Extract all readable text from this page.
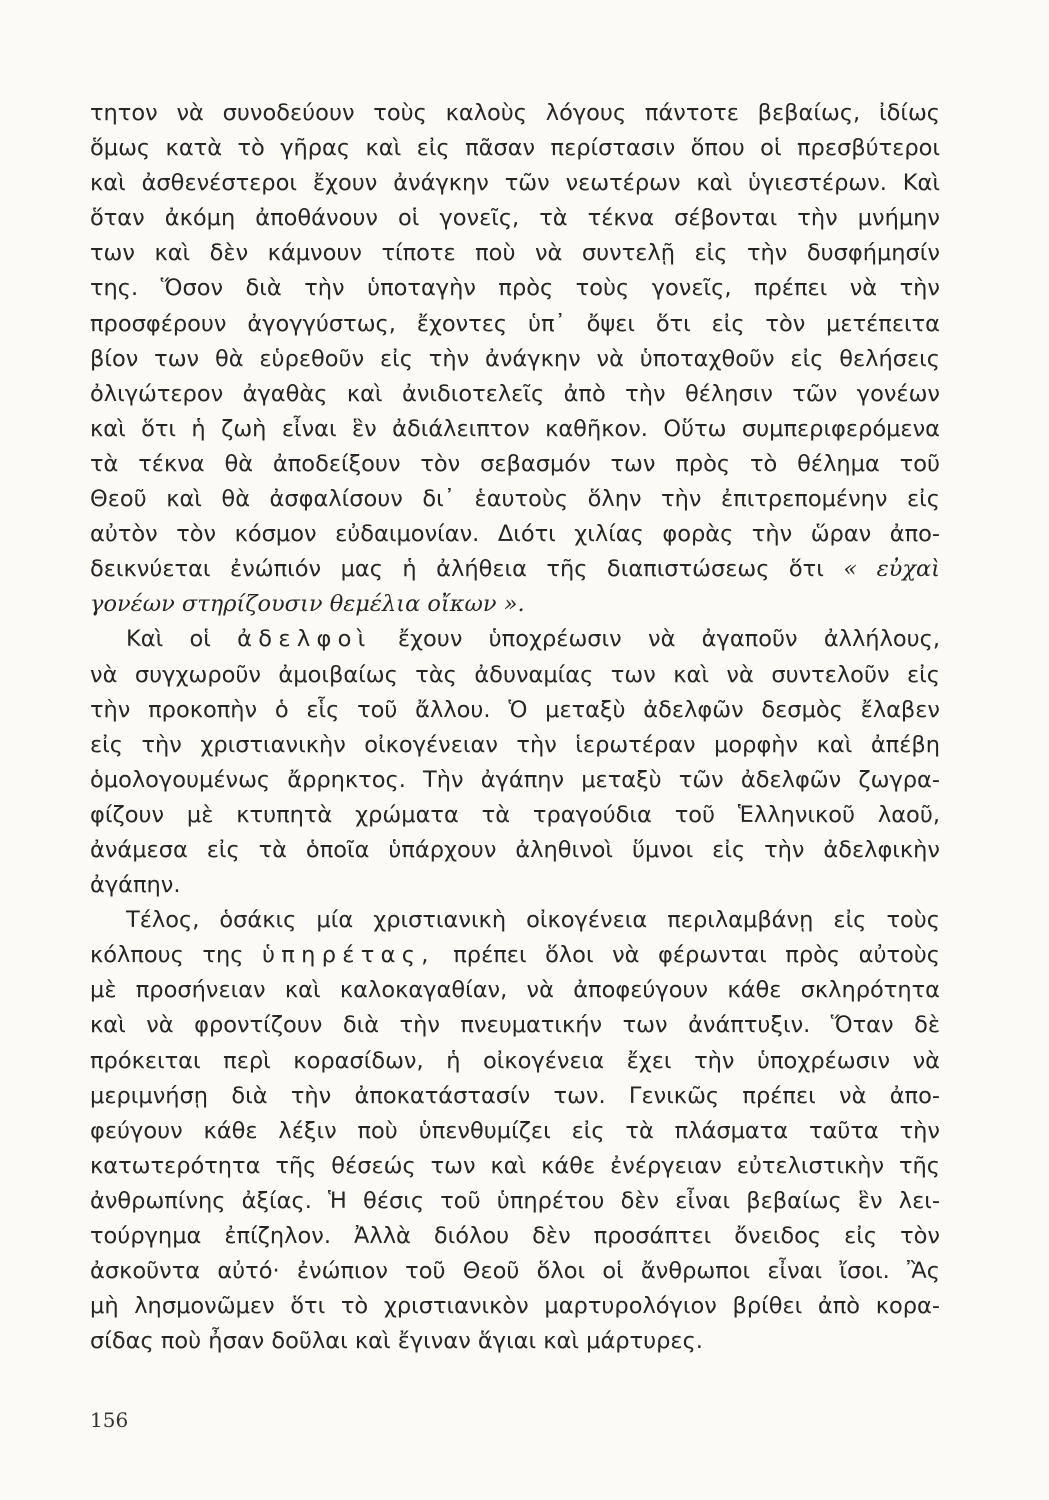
τητον νὰ συνοδεύουν τοὺς καλοὺς λόγους πάντοτε βεβαίως, ἰδίως
ὅμως κατὰ τὸ γῆρας καὶ εἰς πᾶσαν περίστασιν ὅπου οἱ πρεσβύτεροι
καὶ ἀσθενέστεροι ἔχουν ἀνάγκην τῶν νεωτέρων καὶ ὑγιεστέρων. Καὶ
ὅταν ἀκόμη ἀποθάνουν οἱ γονεῖς, τὰ τέκνα σέβονται τὴν μνήμην
των καὶ δὲν κάμνουν τίποτε ποὺ νὰ συντελῇ εἰς τὴν δυσφήμησίν
της. Ὅσον διὰ τὴν ὑποταγὴν πρὸς τοὺς γονεῖς, πρέπει νὰ τὴν
προσφέρουν ἀγογγύστως, ἔχοντες ὑπ᾿ ὄψει ὅτι εἰς τὸν μετέπειτα
βίον των θὰ εὑρεθοῦν εἰς τὴν ἀνάγκην νὰ ὑποταχθοῦν εἰς θελήσεις
ὀλιγώτερον ἀγαθὰς καὶ ἀνιδιοτελεῖς ἀπὸ τὴν θέλησιν τῶν γονέων
καὶ ὅτι ἡ ζωὴ εἶναι ἓν ἀδιάλειπτον καθῆκον. Οὕτω συμπεριφερόμενα
τὰ τέκνα θὰ ἀποδείξουν τὸν σεβασμόν των πρὸς τὸ θέλημα τοῦ
Θεοῦ καὶ θὰ ἀσφαλίσουν δι᾿ ἑαυτοὺς ὅλην τὴν ἐπιτρεπομένην εἰς
αὐτὸν τὸν κόσμον εὐδαιμονίαν. Διότι χιλίας φορὰς τὴν ὥραν ἀπο-
δεικνύεται ἐνώπιόν μας ἡ ἀλήθεια τῆς διαπιστώσεως ὅτι « εὐχαὶ
γονέων στηρίζουσιν θεμέλια οἴκων ».
Καὶ οἱ ἀδελφοὶ ἔχουν ὑποχρέωσιν νὰ ἀγαποῦν ἀλλήλους,
νὰ συγχωροῦν ἀμοιβαίως τὰς ἀδυναμίας των καὶ νὰ συντελοῦν εἰς
τὴν προκοπὴν ὁ εἷς τοῦ ἄλλου. Ὁ μεταξὺ ἀδελφῶν δεσμὸς ἔλαβεν
εἰς τὴν χριστιανικὴν οἰκογένειαν τὴν ἱερωτέραν μορφὴν καὶ ἀπέβη
ὁμολογουμένως ἄρρηκτος. Τὴν ἀγάπην μεταξὺ τῶν ἀδελφῶν ζωγρα-
φίζουν μὲ κτυπητὰ χρώματα τὰ τραγούδια τοῦ Ἑλληνικοῦ λαοῦ,
ἀνάμεσα εἰς τὰ ὁποῖα ὑπάρχουν ἀληθινοὶ ὕμνοι εἰς τὴν ἀδελφικὴν
ἀγάπην.
Τέλος, ὁσάκις μία χριστιανικὴ οἰκογένεια περιλαμβάνῃ εἰς τοὺς
κόλπους της ὑπηρέτας, πρέπει ὅλοι νὰ φέρωνται πρὸς αὐτοὺς
μὲ προσήνειαν καὶ καλοκαγαθίαν, νὰ ἀποφεύγουν κάθε σκληρότητα
καὶ νὰ φροντίζουν διὰ τὴν πνευματικήν των ἀνάπτυξιν. Ὅταν δὲ
πρόκειται περὶ κορασίδων, ἡ οἰκογένεια ἔχει τὴν ὑποχρέωσιν νὰ
μεριμνήσῃ διὰ τὴν ἀποκατάστασίν των. Γενικῶς πρέπει νὰ ἀπο-
φεύγουν κάθε λέξιν ποὺ ὑπενθυμίζει εἰς τὰ πλάσματα ταῦτα τὴν
κατωτερότητα τῆς θέσεώς των καὶ κάθε ἐνέργειαν εὐτελιστικὴν τῆς
ἀνθρωπίνης ἀξίας. Ἡ θέσις τοῦ ὑπηρέτου δὲν εἶναι βεβαίως ἓν λει-
τούργημα ἐπίζηλον. Ἀλλὰ διόλου δὲν προσάπτει ὄνειδος εἰς τὸν
ἀσκοῦντα αὐτό· ἐνώπιον τοῦ Θεοῦ ὅλοι οἱ ἄνθρωποι εἶναι ἴσοι. Ἂς
μὴ λησμονῶμεν ὅτι τὸ χριστιανικὸν μαρτυρολόγιον βρίθει ἀπὸ κορα-
σίδας ποὺ ἦσαν δοῦλαι καὶ ἔγιναν ἅγιαι καὶ μάρτυρες.
156
